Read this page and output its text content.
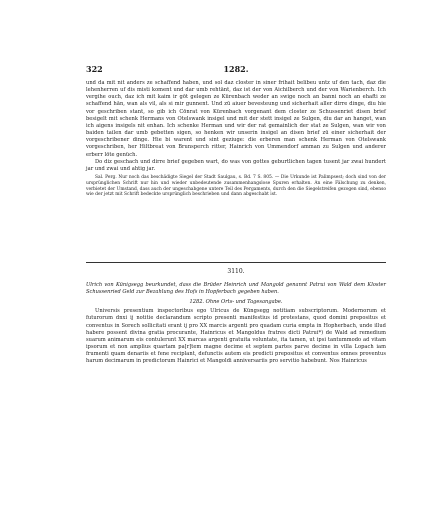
322	1282.

und da mit nit anders ze schaffend haben, und sol daz closter in siner frihait belibeu untz uf den tach, daz die lehenherren uf dis misti koment und dar umb rehtänt, daz ist der von Aichilberch und der von Warienberch. Ich vergihe ouch, daz ich mit kaim ir gōt gelegen ze Kürenbach weder an swige noch an banni noch an ehafti ze schaffend hān, wan als vil, als si mir gunnent. Und zū aiuer bevesteung und sicherhait aller dirre dinge, diu hie vor geschriben stant, so gib ich Cōnrat von Kürenbach vorgenant dem closter ze Schussenriet disen brief besigelt mit schenk Hermans von Otelswank insigel und mit der stett insigel ze Sulgen, diu dar an hanget, wan ich aigens insigels nit enhan. Ich schenke Herman und wir der rat gemainlich der stat ze Sulgen, wan wir von baiden tailen dar umb gebetten sigen, so henken wir unserin insigel an disen brief zū einer sicherhait der vorgeschribener dinge. Hie bi warent und sint geziuge: die erberen man schenk Herman von Otelswank vorgeschriben, her Hiltbreat von Brunsperch ritter, Hainrich von Ummendorf amman zu Sulgen und anderer erberr löte genüch.

Do diz geschach und dirre brief gegeben wart, do was von gottes geburtlichen tagen tusent jar zwai hundert jar und zwai und ahtig jar.

Sal. Perg. Nur noch das beschädigte Siegel der Stadt Saulgau, s. Bd. 7 S. 805. — Die Urkunde ist Palimpsest; doch sind von der ursprünglichen Schrift nur hin und wieder unbedeutende zusammenhangslose Spuren erhalten. An eine Fälschung zu denken, verbietet der Umstand, dass auch der ungeschabgene untere Teil des Pergaments, durch den die Siegelstreifen gezogen sind, ebenso wie der jetzt mit Schrift bedeckte ursprünglich beschrieben und dann abgeschabt ist.

3110.

Ulrich von Künigsegg beurkundet, dass die Brüder Heinrich und Mangold genannt Patrui von Wald dem Kloster Schussenried Geld zur Bezahlung des Hofs in Hopferbach gegeben haben.

1282. Ohne Orts- und Tagesangabe.

Universis presentium inspectoribus ego Ulricus de Küngsegg notitiam subscriptorum. Modernorum et futurorum dnxi ij notitie declarandum scripto presenti manifestius id protestans, quod domini prepositus et conventus in Sorech sollicitati erant ij pro XX marcis argenti pro quadam curia empta in Hopherbach, unde illud habere possent divina gratia procurante, Hainricus et Mangoldus fratres dicti Patrui*) de Wald ad remedium suarum animarum eis contulerunt XX marcas argenti gratuita voluntate, ita tamen, ut ipsi tantummodo ad vitam ipsorum et non amplius quartam pa[r]tem magne decime et septem partes parve decime in villa Lopach iam frumenti quam denariis et fene reciplant, defunctis autem eis predicti prepositus et conventus omnes proventus harum decimarum in predictorum Hainrici et Mangoldi anniversariis pro servitio habebunt. Nos Hainricus
